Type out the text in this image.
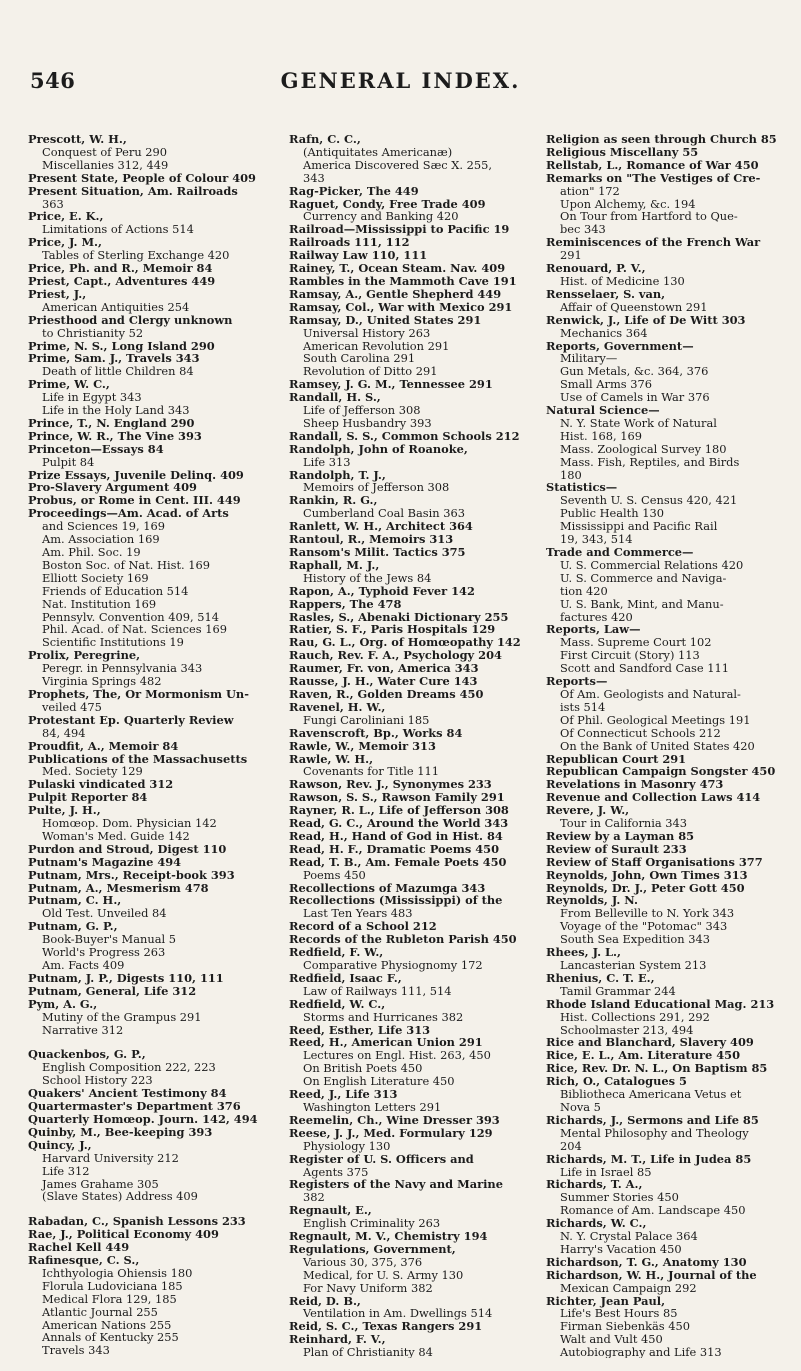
546	GENERAL INDEX.
Prescott, W. H.,
Conquest of Peru 290
Miscellanies 312, 449
Present State, People of Colour 409
Present Situation, Am. Railroads
363
Price, E. K.,
Limitations of Actions 514
Price, J. M.,
Tables of Sterling Exchange 420
Price, Ph. and R., Memoir 84
Priest, Capt., Adventures 449
Priest, J.,
American Antiquities 254
Priesthood and Clergy unknown
to Christianity 52
Prime, N. S., Long Island 290
Prime, Sam. J., Travels 343
Death of little Children 84
Prime, W. C.,
Life in Egypt 343
Life in the Holy Land 343
Prince, T., N. England 290
Prince, W. R., The Vine 393
Princeton—Essays 84
Pulpit 84
Prize Essays, Juvenile Delinq. 409
Pro-Slavery Argument 409
Probus, or Rome in Cent. III. 449
Proceedings—Am. Acad. of Arts
and Sciences 19, 169
Am. Association 169
Am. Phil. Soc. 19
Boston Soc. of Nat. Hist. 169
Elliott Society 169
Friends of Education 514
Nat. Institution 169
Pennsylv. Convention 409, 514
Phil. Acad. of Nat. Sciences 169
Scientific Institutions 19
Prolix, Peregrine,
Peregr. in Pennsylvania 343
Virginia Springs 482
Prophets, The, Or Mormonism Un-
veiled 475
Protestant Ep. Quarterly Review
84, 494
Proudfit, A., Memoir 84
Publications of the Massachusetts
Med. Society 129
Pulaski vindicated 312
Pulpit Reporter 84
Pulte, J. H.,
Homœop. Dom. Physician 142
Woman's Med. Guide 142
Purdon and Stroud, Digest 110
Putnam's Magazine 494
Putnam, Mrs., Receipt-book 393
Putnam, A., Mesmerism 478
Putnam, C. H.,
Old Test. Unveiled 84
Putnam, G. P.,
Book-Buyer's Manual 5
World's Progress 263
Am. Facts 409
Putnam, J. P., Digests 110, 111
Putnam, General, Life 312
Pym, A. G.,
Mutiny of the Grampus 291
Narrative 312
Quackenbos, G. P.,
English Composition 222, 223
School History 223
Quakers' Ancient Testimony 84
Quartermaster's Department 376
Quarterly Homœop. Journ. 142, 494
Quinby, M., Bee-keeping 393
Quincy, J.,
Harvard University 212
Life 312
James Grahame 305
(Slave States) Address 409
Rabadan, C., Spanish Lessons 233
Rae, J., Political Economy 409
Rachel Kell 449
Rafinesque, C. S.,
Ichthyologia Ohiensis 180
Florula Ludoviciana 185
Medical Flora 129, 185
Atlantic Journal 255
American Nations 255
Annals of Kentucky 255
Travels 343
Rafn, C. C.,
(Antiquitates Americanæ)
America Discovered Sæc X. 255,
343
Rag-Picker, The 449
Raguet, Condy, Free Trade 409
Currency and Banking 420
Railroad—Mississippi to Pacific 19
Railroads 111, 112
Railway Law 110, 111
Rainey, T., Ocean Steam. Nav. 409
Rambles in the Mammoth Cave 191
Ramsay, A., Gentle Shepherd 449
Ramsay, Col., War with Mexico 291
Ramsay, D., United States 291
Universal History 263
American Revolution 291
South Carolina 291
Revolution of Ditto 291
Ramsey, J. G. M., Tennessee 291
Randall, H. S.,
Life of Jefferson 308
Sheep Husbandry 393
Randall, S. S., Common Schools 212
Randolph, John of Roanoke,
Life 313
Randolph, T. J.,
Memoirs of Jefferson 308
Rankin, R. G.,
Cumberland Coal Basin 363
Ranlett, W. H., Architect 364
Rantoul, R., Memoirs 313
Ransom's Milit. Tactics 375
Raphall, M. J.,
History of the Jews 84
Rapon, A., Typhoid Fever 142
Rappers, The 478
Rasles, S., Abenaki Dictionary 255
Ratier, S. F., Paris Hospitals 129
Rau, G. L., Org. of Homœopathy 142
Rauch, Rev. F. A., Psychology 204
Raumer, Fr. von, America 343
Rausse, J. H., Water Cure 143
Raven, R., Golden Dreams 450
Ravenel, H. W.,
Fungi Caroliniani 185
Ravenscroft, Bp., Works 84
Rawle, W., Memoir 313
Rawle, W. H.,
Covenants for Title 111
Rawson, Rev. J., Synonymes 233
Rawson, S. S., Rawson Family 291
Rayner, R. L., Life of Jefferson 308
Read, G. C., Around the World 343
Read, H., Hand of God in Hist. 84
Read, H. F., Dramatic Poems 450
Read, T. B., Am. Female Poets 450
Poems 450
Recollections of Mazumga 343
Recollections (Mississippi) of the
Last Ten Years 483
Record of a School 212
Records of the Rubleton Parish 450
Redfield, F. W.,
Comparative Physiognomy 172
Redfield, Isaac F.,
Law of Railways 111, 514
Redfield, W. C.,
Storms and Hurricanes 382
Reed, Esther, Life 313
Reed, H., American Union 291
Lectures on Engl. Hist. 263, 450
On British Poets 450
On English Literature 450
Reed, J., Life 313
Washington Letters 291
Reemelin, Ch., Wine Dresser 393
Reese, J. J., Med. Formulary 129
Physiology 130
Register of U. S. Officers and
Agents 375
Registers of the Navy and Marine
382
Regnault, E.,
English Criminality 263
Regnault, M. V., Chemistry 194
Regulations, Government,
Various 30, 375, 376
Medical, for U. S. Army 130
For Navy Uniform 382
Reid, D. B.,
Ventilation in Am. Dwellings 514
Reid, S. C., Texas Rangers 291
Reinhard, F. V.,
Plan of Christianity 84
Religion as seen through Church 85
Religious Miscellany 55
Rellstab, L., Romance of War 450
Remarks on "The Vestiges of Cre-
ation" 172
Upon Alchemy, &c. 194
On Tour from Hartford to Que-
bec 343
Reminiscences of the French War
291
Renouard, P. V.,
Hist. of Medicine 130
Rensselaer, S. van,
Affair of Queenstown 291
Renwick, J., Life of De Witt 303
Mechanics 364
Reports, Government—
Military—
Gun Metals, &c. 364, 376
Small Arms 376
Use of Camels in War 376
Natural Science—
N. Y. State Work of Natural
Hist. 168, 169
Mass. Zoological Survey 180
Mass. Fish, Reptiles, and Birds
180
Statistics—
Seventh U. S. Census 420, 421
Public Health 130
Mississippi and Pacific Rail
19, 343, 514
Trade and Commerce—
U. S. Commercial Relations 420
U. S. Commerce and Naviga-
tion 420
U. S. Bank, Mint, and Manu-
factures 420
Reports, Law—
Mass. Supreme Court 102
First Circuit (Story) 113
Scott and Sandford Case 111
Reports—
Of Am. Geologists and Natural-
ists 514
Of Phil. Geological Meetings 191
Of Connecticut Schools 212
On the Bank of United States 420
Republican Court 291
Republican Campaign Songster 450
Revelations in Masonry 473
Revenue and Collection Laws 414
Revere, J. W.,
Tour in California 343
Review by a Layman 85
Review of Surault 233
Review of Staff Organisations 377
Reynolds, John, Own Times 313
Reynolds, Dr. J., Peter Gott 450
Reynolds, J. N.
From Belleville to N. York 343
Voyage of the "Potomac" 343
South Sea Expedition 343
Rhees, J. L.,
Lancasterian System 213
Rhenius, C. T. E.,
Tamil Grammar 244
Rhode Island Educational Mag. 213
Hist. Collections 291, 292
Schoolmaster 213, 494
Rice and Blanchard, Slavery 409
Rice, E. L., Am. Literature 450
Rice, Rev. Dr. N. L., On Baptism 85
Rich, O., Catalogues 5
Bibliotheca Americana Vetus et
Nova 5
Richards, J., Sermons and Life 85
Mental Philosophy and Theology
204
Richards, M. T., Life in Judea 85
Life in Israel 85
Richards, T. A.,
Summer Stories 450
Romance of Am. Landscape 450
Richards, W. C.,
N. Y. Crystal Palace 364
Harry's Vacation 450
Richardson, T. G., Anatomy 130
Richardson, W. H., Journal of the
Mexican Campaign 292
Richter, Jean Paul,
Life's Best Hours 85
Firman Siebenkäs 450
Walt and Vult 450
Autobiography and Life 313
